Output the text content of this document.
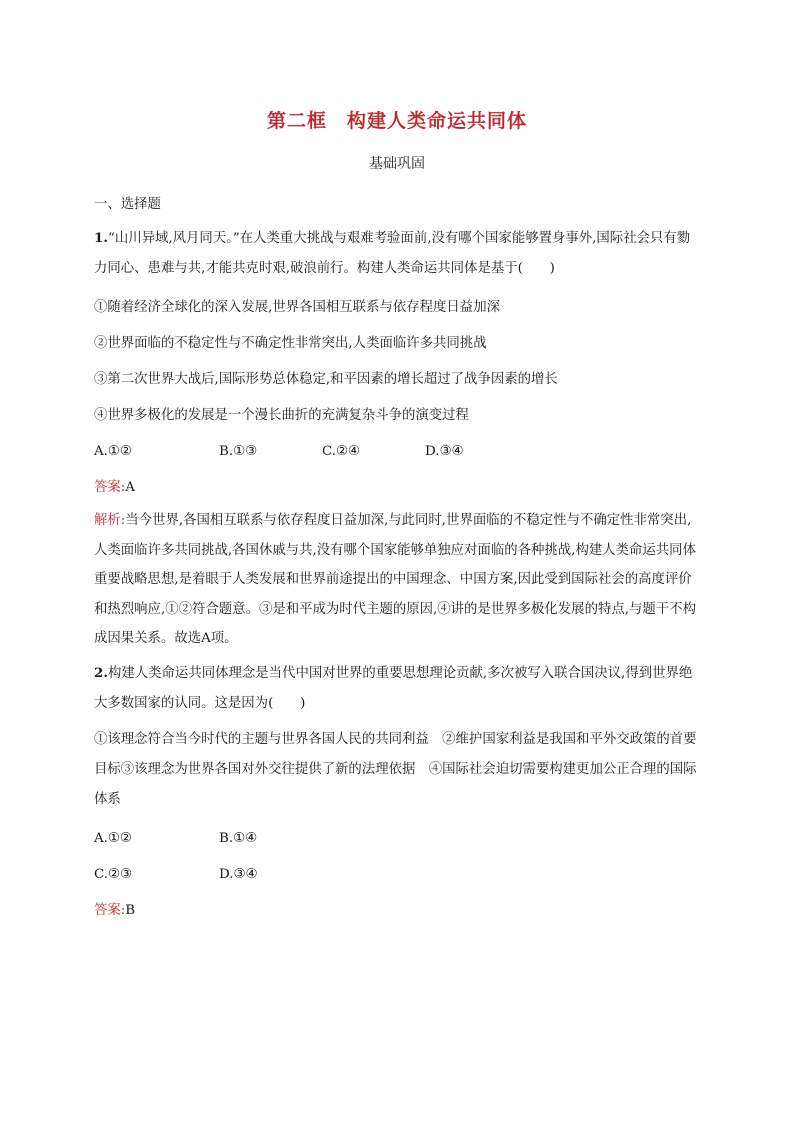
第二框　构建人类命运共同体
基础巩固

一、选择题

1.“山川异域,风月同天。”在人类重大挑战与艰难考验面前,没有哪个国家能够置身事外,国际社会只有勠力同心、患难与共,才能共克时艰,破浪前行。构建人类命运共同体是基于(　　)

①随着经济全球化的深入发展,世界各国相互联系与依存程度日益加深

②世界面临的不稳定性与不确定性非常突出,人类面临许多共同挑战

③第二次世界大战后,国际形势总体稳定,和平因素的增长超过了战争因素的增长

④世界多极化的发展是一个漫长曲折的充满复杂斗争的演变过程

A.①②	B.①③	C.②④	D.③④

答案:A

解析:当今世界,各国相互联系与依存程度日益加深,与此同时,世界面临的不稳定性与不确定性非常突出,人类面临许多共同挑战,各国休戚与共,没有哪个国家能够单独应对面临的各种挑战,构建人类命运共同体重要战略思想,是着眼于人类发展和世界前途提出的中国理念、中国方案,因此受到国际社会的高度评价和热烈响应,①②符合题意。③是和平成为时代主题的原因,④讲的是世界多极化发展的特点,与题干不构成因果关系。故选A项。

2.构建人类命运共同体理念是当代中国对世界的重要思想理论贡献,多次被写入联合国决议,得到世界绝大多数国家的认同。这是因为(　　)

①该理念符合当今时代的主题与世界各国人民的共同利益　②维护国家利益是我国和平外交政策的首要目标③该理念为世界各国对外交往提供了新的法理依据　④国际社会迫切需要构建更加公正合理的国际体系

A.①②	B.①④
C.②③	D.③④

答案:B
